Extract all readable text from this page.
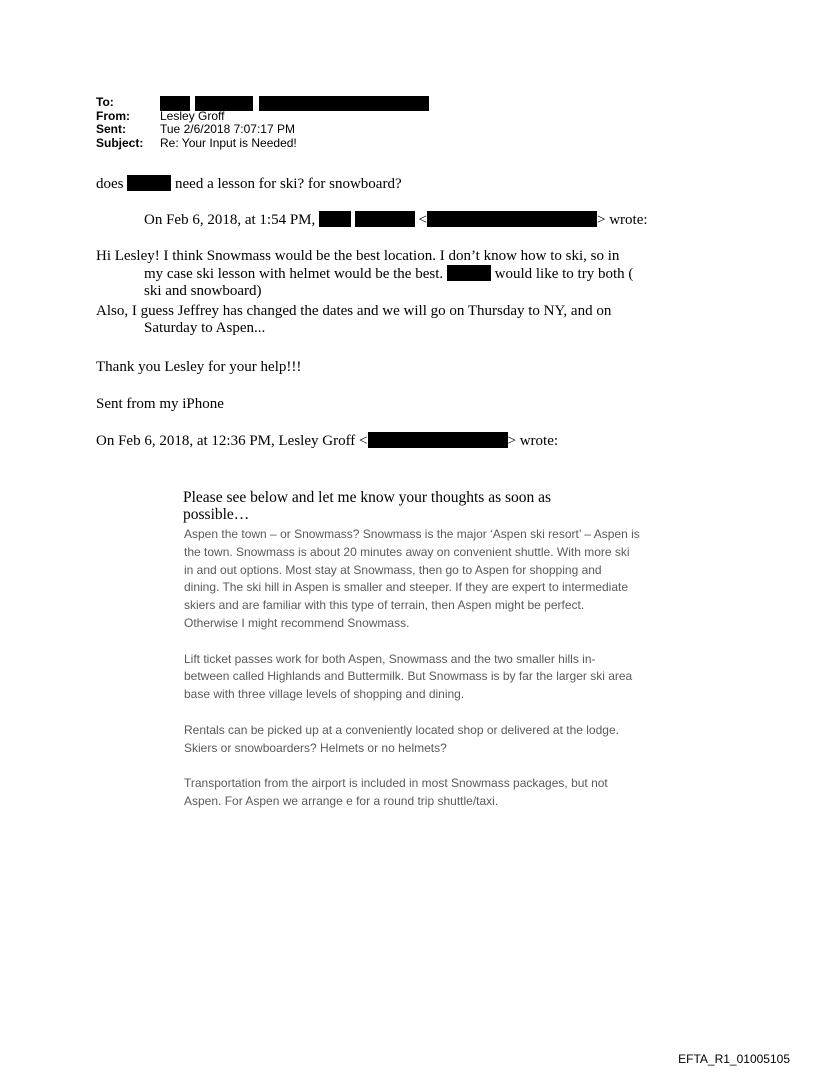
To:

From:	Lesley Groff
Sent:	Tue 2/6/2018 7:07:17 PM
Subject:	Re: Your Input is Needed!
does	need a lesson for ski? for snowboard?
On Feb 6, 2018, at 1:54 PM,	<	> wrote:
Hi Lesley! I think Snowmass would be the best location. I don’t know how to ski, so in
my case ski lesson with helmet would be the best.	would like to try both (
ski and snowboard)
Also, I guess Jeffrey has changed the dates and we will go on Thursday to NY, and on
Saturday to Aspen...
Thank you Lesley for your help!!!
Sent from my iPhone
On Feb 6, 2018, at 12:36 PM, Lesley Groff <	> wrote:
Please see below and let me know your thoughts as soon as possible…

Aspen the town – or Snowmass? Snowmass is the major ‘Aspen ski resort’ – Aspen is the town. Snowmass is about 20 minutes away on convenient shuttle. With more ski in and out options. Most stay at Snowmass, then go to Aspen for shopping and dining. The ski hill in Aspen is smaller and steeper. If they are expert to intermediate skiers and are familiar with this type of terrain, then Aspen might be perfect. Otherwise I might recommend Snowmass.

Lift ticket passes work for both Aspen, Snowmass and the two smaller hills in-between called Highlands and Buttermilk. But Snowmass is by far the larger ski area base with three village levels of shopping and dining.

Rentals can be picked up at a conveniently located shop or delivered at the lodge. Skiers or snowboarders? Helmets or no helmets?

Transportation from the airport is included in most Snowmass packages, but not Aspen. For Aspen we arrange e for a round trip shuttle/taxi.

EFTA_R1_01005105
